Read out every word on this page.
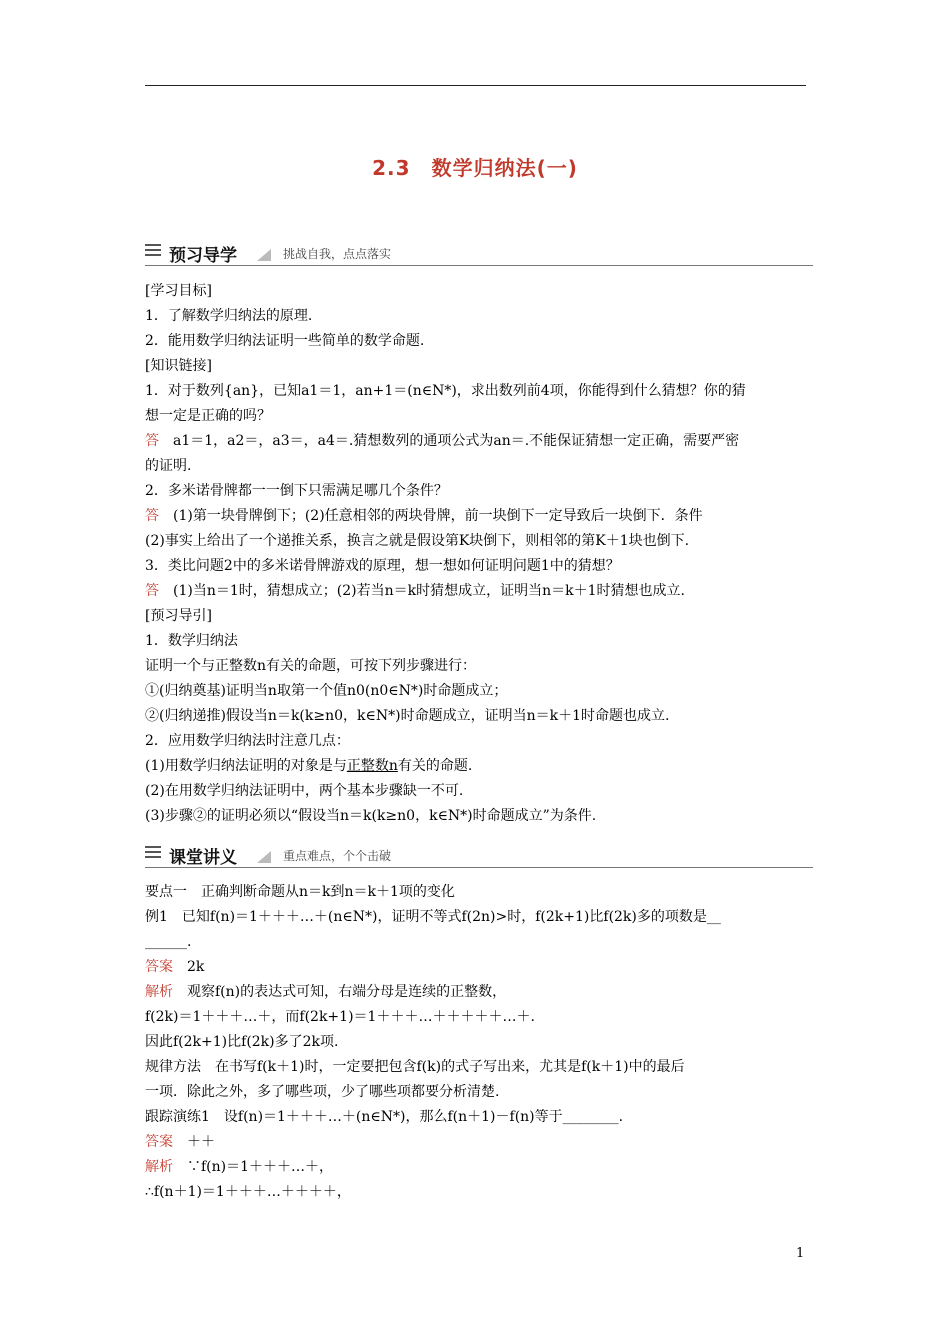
2.3　数学归纳法(一)
预习导学	挑战自我，点点落实
[学习目标]
1．了解数学归纳法的原理.
2．能用数学归纳法证明一些简单的数学命题.
[知识链接]
1．对于数列{an}，已知a1＝1，an+1＝(n∈N*)，求出数列前4项，你能得到什么猜想？你的猜
想一定是正确的吗？
答　a1＝1，a2＝，a3＝，a4＝.猜想数列的通项公式为an＝.不能保证猜想一定正确，需要严密
的证明.
2．多米诺骨牌都一一倒下只需满足哪几个条件？
答　(1)第一块骨牌倒下；(2)任意相邻的两块骨牌，前一块倒下一定导致后一块倒下．条件
(2)事实上给出了一个递推关系，换言之就是假设第K块倒下，则相邻的第K＋1块也倒下.
3．类比问题2中的多米诺骨牌游戏的原理，想一想如何证明问题1中的猜想？
答　(1)当n＝1时，猜想成立；(2)若当n＝k时猜想成立，证明当n＝k＋1时猜想也成立.
[预习导引]
1．数学归纳法
证明一个与正整数n有关的命题，可按下列步骤进行：
①(归纳奠基)证明当n取第一个值n0(n0∈N*)时命题成立；
②(归纳递推)假设当n＝k(k≥n0，k∈N*)时命题成立，证明当n＝k＋1时命题也成立.
2．应用数学归纳法时注意几点：
(1)用数学归纳法证明的对象是与正整数n有关的命题.
(2)在用数学归纳法证明中，两个基本步骤缺一不可.
(3)步骤②的证明必须以“假设当n＝k(k≥n0，k∈N*)时命题成立”为条件.
课堂讲义	重点难点，个个击破
要点一　正确判断命题从n＝k到n＝k＋1项的变化
例1　已知f(n)＝1＋＋＋…＋(n∈N*)，证明不等式f(2n)>时，f(2k+1)比f(2k)多的项数是__
______.
答案　2k
解析　观察f(n)的表达式可知，右端分母是连续的正整数，
f(2k)＝1＋＋＋…＋，而f(2k+1)＝1＋＋＋…＋＋＋＋＋…＋.
因此f(2k+1)比f(2k)多了2k项.
规律方法　在书写f(k＋1)时，一定要把包含f(k)的式子写出来，尤其是f(k＋1)中的最后
一项．除此之外，多了哪些项，少了哪些项都要分析清楚.
跟踪演练1　设f(n)＝1＋＋＋…＋(n∈N*)，那么f(n＋1)－f(n)等于________.
答案　＋＋
解析　∵f(n)＝1＋＋＋…＋，
∴f(n＋1)＝1＋＋＋…＋＋＋＋，
1
